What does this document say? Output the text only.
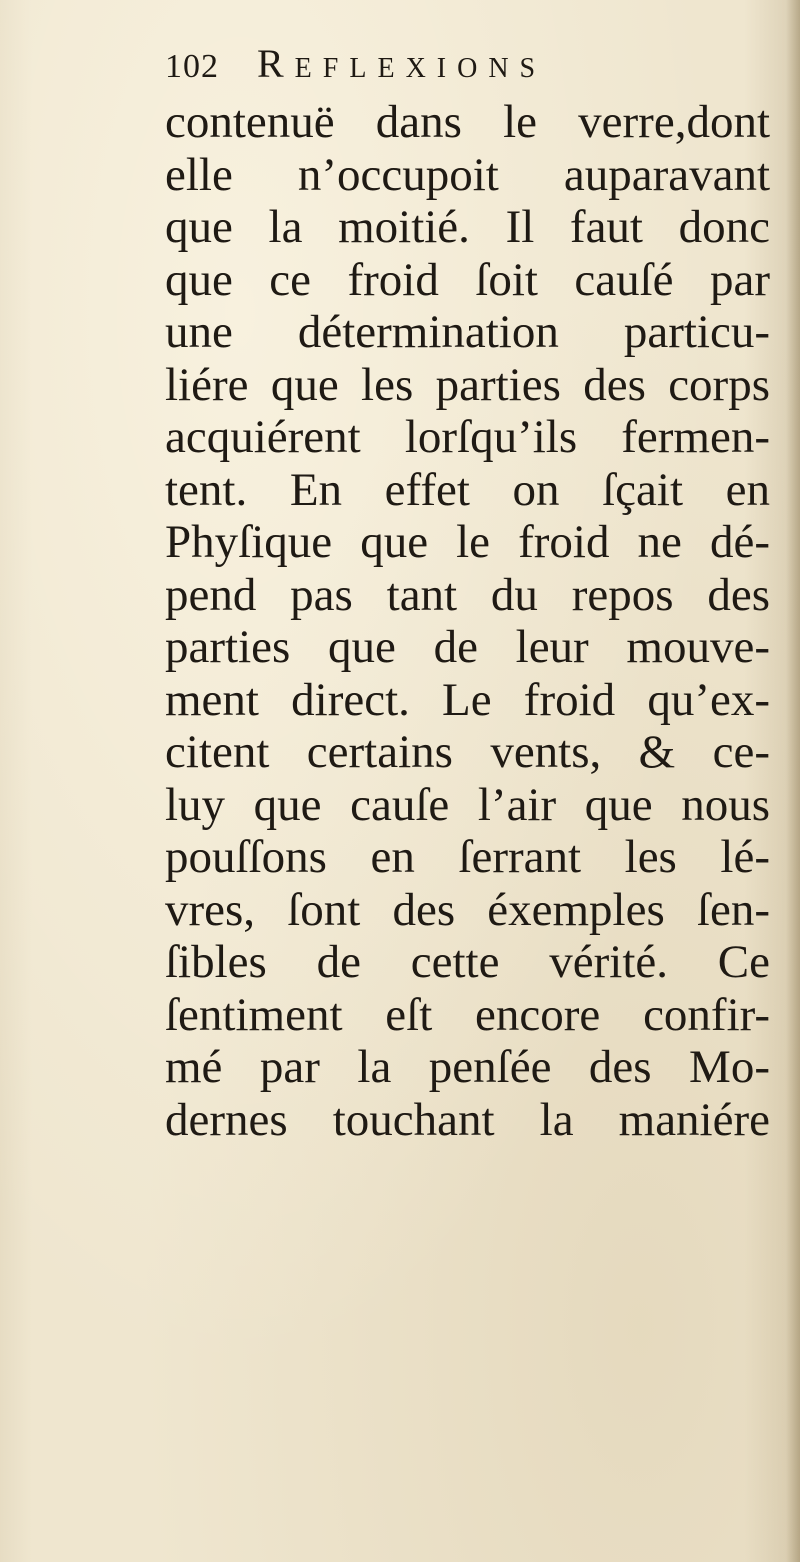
102 Reflexions
contenuë dans le verre,dont
elle n’occupoit auparavant
que la moitié. Il faut donc
que ce froid ſoit cauſé par
une détermination particu-
liére que les parties des corps
acquiérent lorſqu’ils fermen-
tent. En effet on ſçait en
Phyſique que le froid ne dé-
pend pas tant du repos des
parties que de leur mouve-
ment direct. Le froid qu’ex-
citent certains vents, & ce-
luy que cauſe l’air que nous
pouſſons en ſerrant les lé-
vres, ſont des éxemples ſen-
ſibles de cette vérité. Ce
ſentiment eſt encore confir-
mé par la penſée des Mo-
dernes touchant la maniére
